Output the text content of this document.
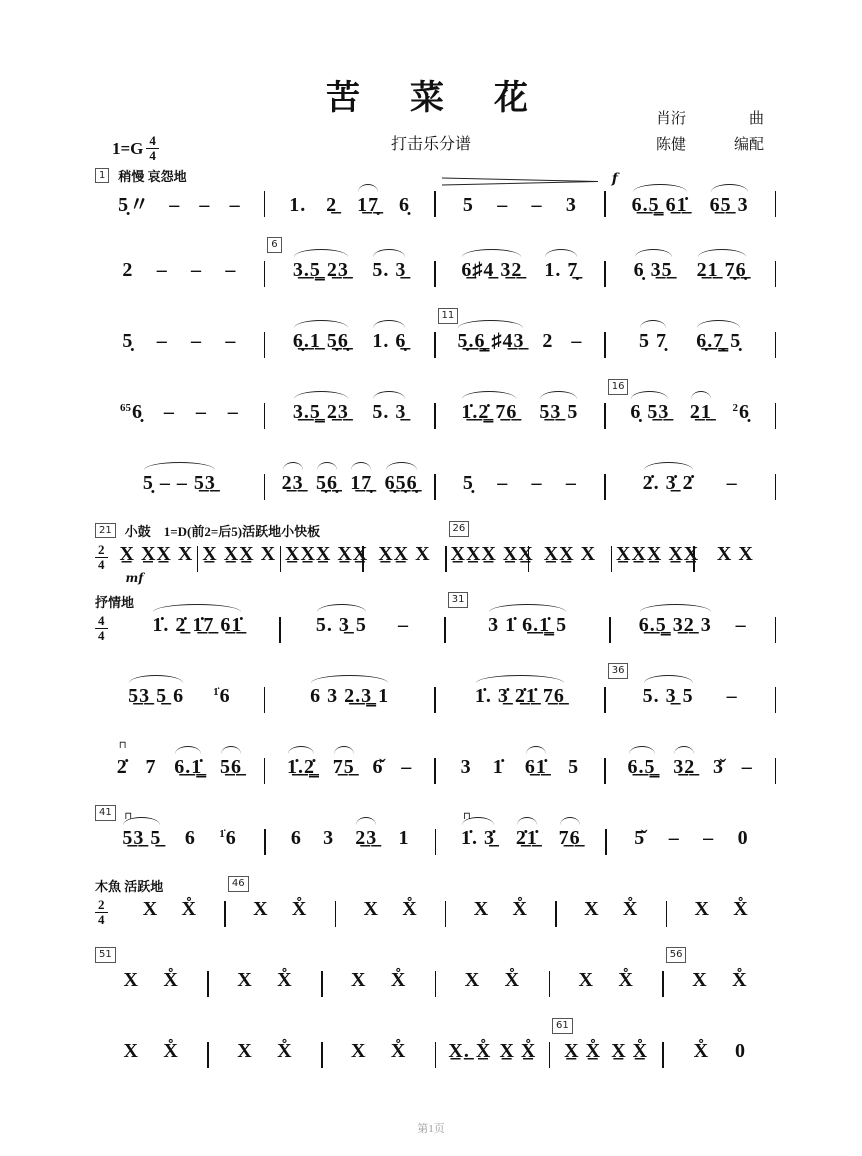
苦　菜　花
打击乐分谱
肖洐	曲
陈健	编配
1=G 4
4
1	稍慢 哀怨地
5̣〃 – – – 1. 2̲ 1̲7̲̣ 6̣	5 – – 3
f
6̲.̲5̳ 6̲1̲̇ 6̲5̲ 3
2 – – –
6
3̲.̲5̳ 2̲3̲ 5. 3̲	6̲♯4̲ 3̲2̲ 1. 7̲̣	6̣ 3̲5̲ 2̲1̲ 7̲̣6̲̣
5̣ – – –	6̲̣.̲1̲ 5̲̣6̲̣ 1. 6̲̣
11
5̲̣.̲6̳̣ ♯4̲3̲ 2 –	5 7̣ 6̲̣.̲7̳̣ 5̣
$^{65}$6̣ – – –	3̲.̲5̳ 2̲3̲ 5. 3̲	1̲̇.̲2̳̇ 7̲6̲ 5̲3̲ 5
16
6̣ 5̲3̲ 2̲1̲ $^2$6̣
5̣ – – 5̲3̲	2̲3̲ 5̲̣6̲̣ 1̲7̲̣ 6̲̣5̲̣6̲̣ 5̣ – – –	2̇. 3̲̇ 2̇ –
21	小鼓　1=D(前2=后5)活跃地小快板
2
4
mf
X̲ X̲X̲ X X̲ X̲X̲ X X̲X̲X̲ X̲X̲ X̲X̲ X
26
X̲X̲X̲ X̲X̲ X̲X̲ X X̲X̲X̲ X̲X̲ X X
抒情地
4
4 1̇. 2̲̇ 1̲̇7̲ 6̲1̲̇	5. 3̲ 5 –
31
3 1̇ 6̲.̲1̳̇ 5	6̲.̲5̳ 3̲2̲ 3 –
5̲3̲ 5̲ 6	$^{1̇}$6	6 3 2̲.̲3̳ 1	1̇. 3̲̇ 2̲̇1̲̇ 7̲6̲
36
5. 3̲ 5 –
⊓
2̇ 7 6̲.̲1̳̇ 5̲6̲ 1̲̇.̲2̳̇ 7̲5̲ 6̌ – 3 1̇ 6̲1̲̇ 5 6̲.̲5̳ 3̲2̲ 3̌ –
41	⊓
5̲3̲ 5̲ 6 $^{1̇}$6	6 3 2̲3̲ 1
⊓
1̇. 3̲̇ 2̲̇1̲̇ 7̲6̲	5̌ – – 0
木魚 活跃地
2
4 X X̊
46
X X̊	X X̊	X X̊	X X̊	X X̊
51
X X̊	X X̊	X X̊	X X̊	X X̊
56
X X̊
X X̊	X X̊	X X̊ X̲.̲ X̲̊ X̲ X̲̊
61
X̲ X̲̊ X̲ X̲̊ X̊ 0
第1页
